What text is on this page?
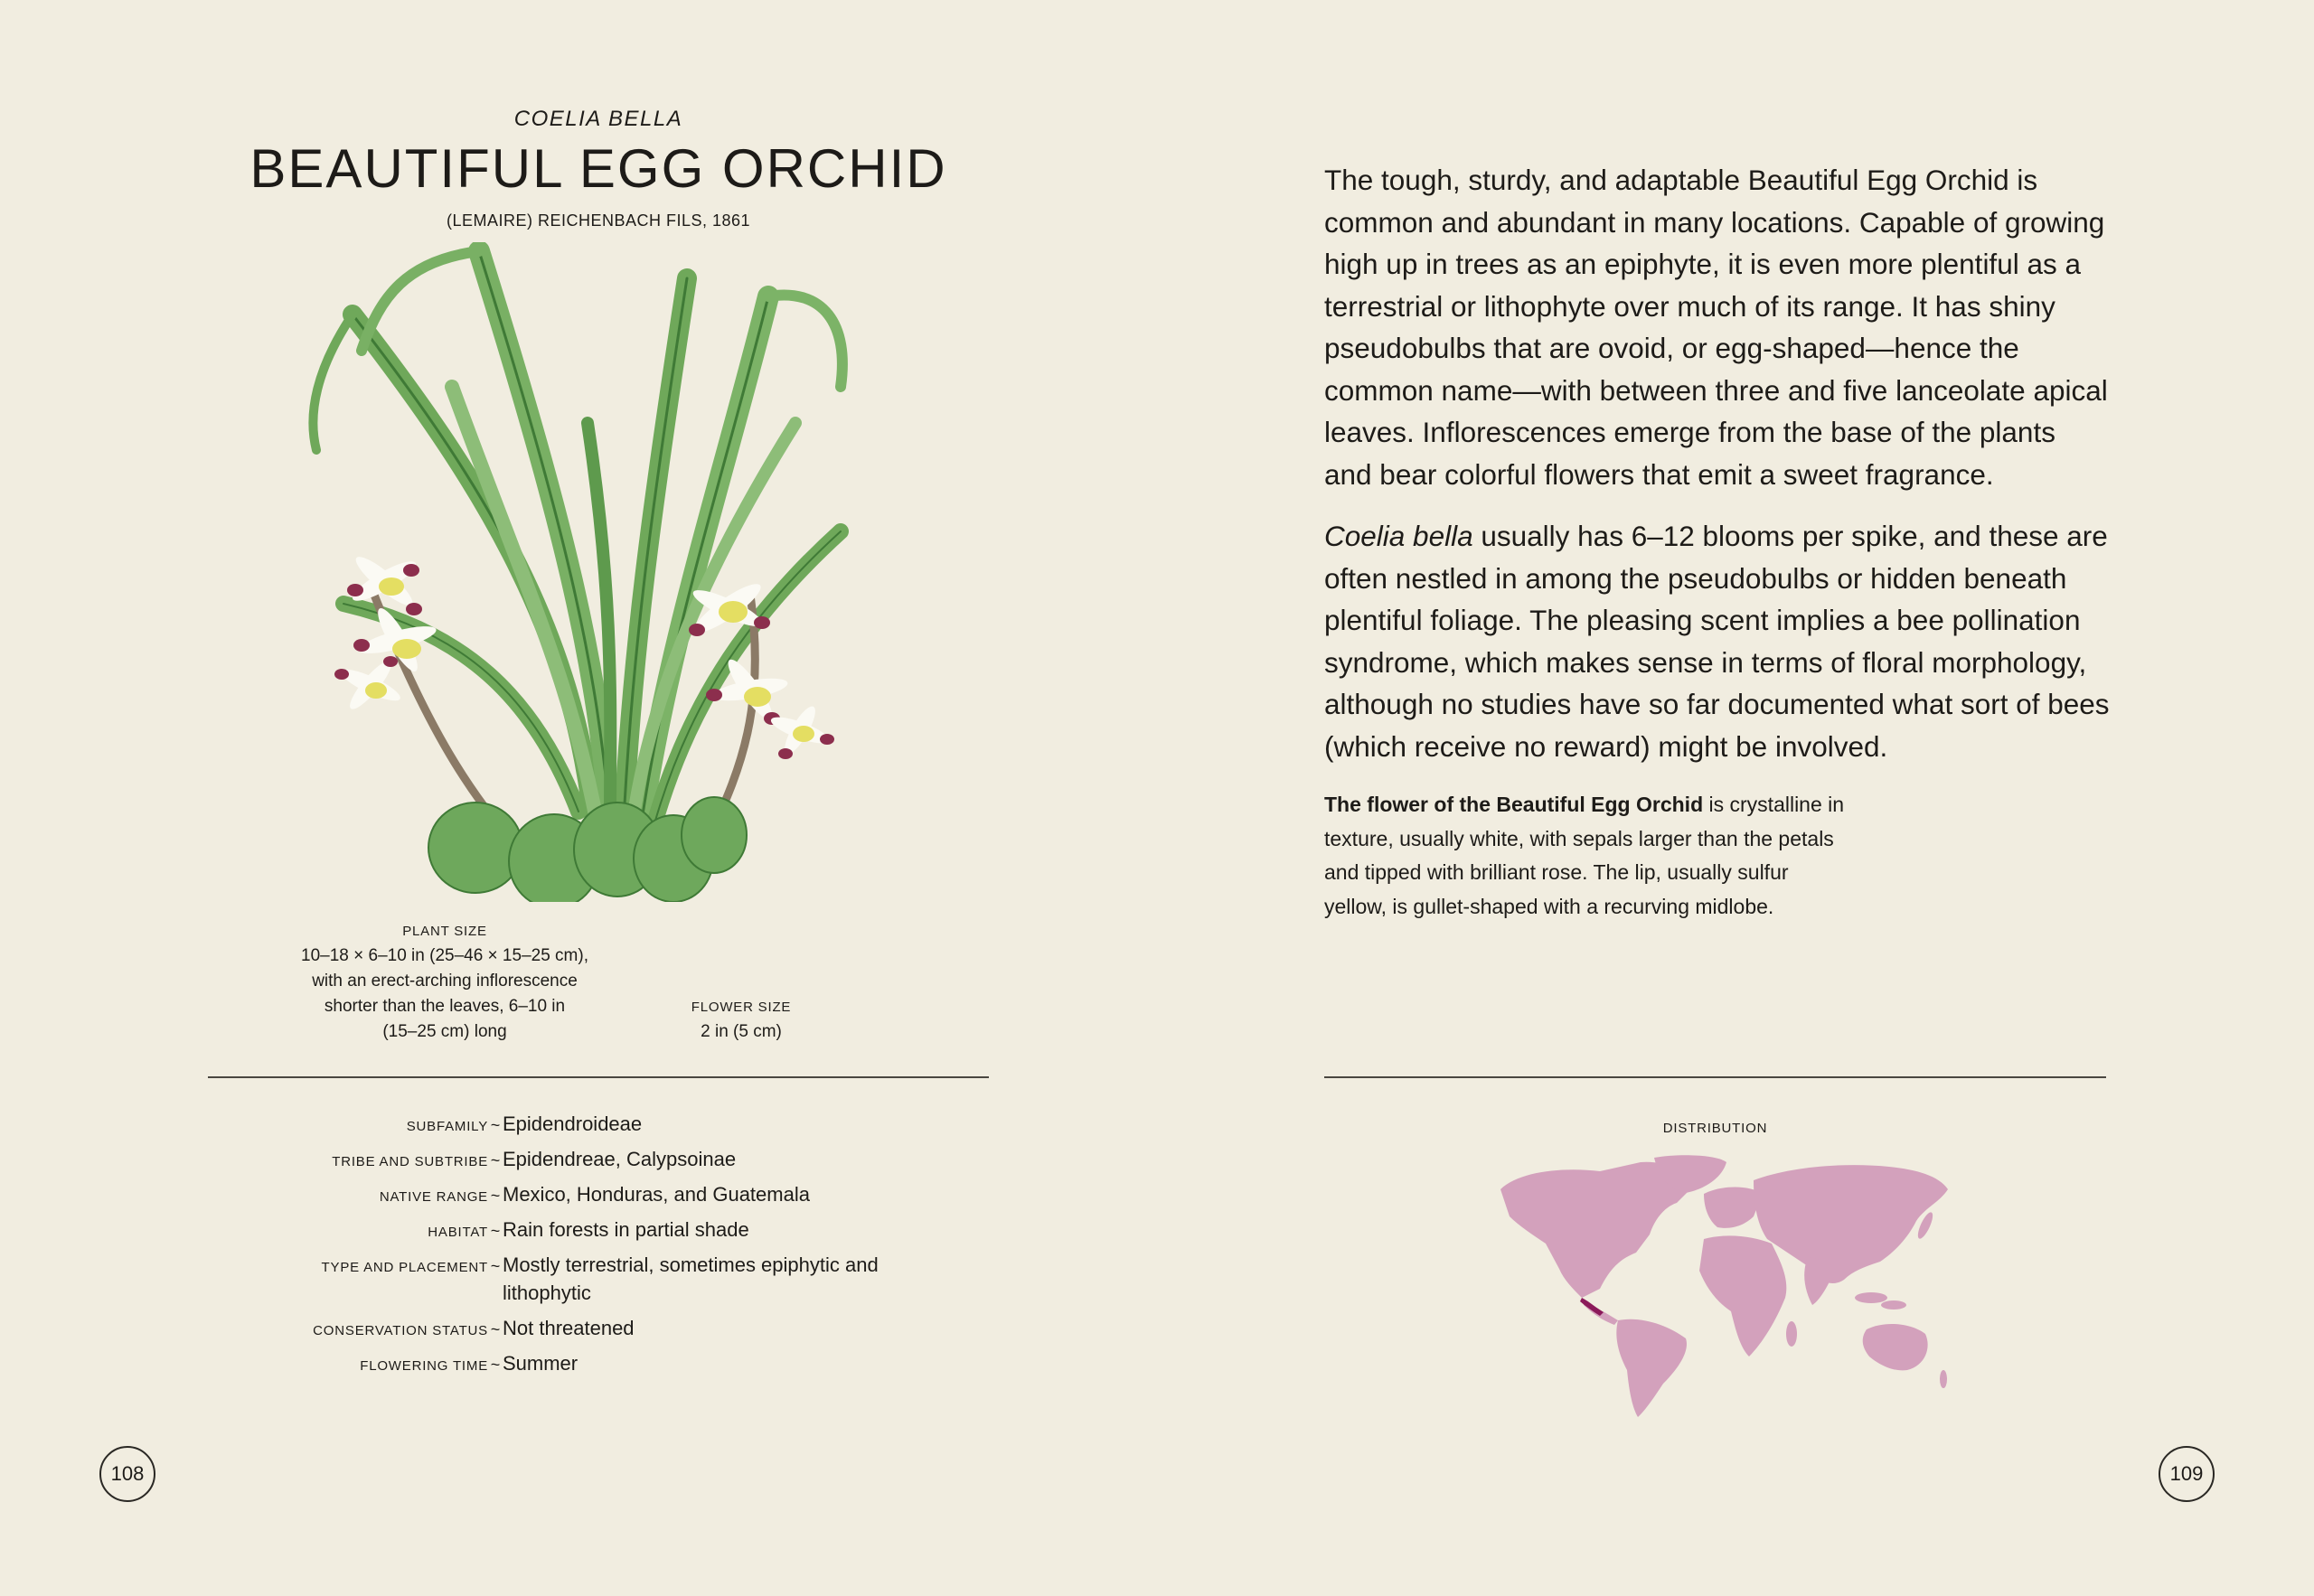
COELIA BELLA
BEAUTIFUL EGG ORCHID
(LEMAIRE) REICHENBACH FILS, 1861
PLANT SIZE
10–18 × 6–10 in (25–46 × 15–25 cm),
with an erect-arching inflorescence
shorter than the leaves, 6–10 in
(15–25 cm) long
FLOWER SIZE
2 in (5 cm)
SUBFAMILY ~ Epidendroideae
TRIBE AND SUBTRIBE ~ Epidendreae, Calypsoinae
NATIVE RANGE ~ Mexico, Honduras, and Guatemala
HABITAT ~ Rain forests in partial shade
TYPE AND PLACEMENT ~ Mostly terrestrial, sometimes epiphytic and lithophytic
CONSERVATION STATUS ~ Not threatened
FLOWERING TIME ~ Summer
108

The tough, sturdy, and adaptable Beautiful Egg Orchid is common and abundant in many locations. Capable of growing high up in trees as an epiphyte, it is even more plentiful as a terrestrial or lithophyte over much of its range. It has shiny pseudobulbs that are ovoid, or egg-shaped—hence the common name—with between three and five lanceolate apical leaves. Inflorescences emerge from the base of the plants and bear colorful flowers that emit a sweet fragrance.

Coelia bella usually has 6–12 blooms per spike, and these are often nestled in among the pseudobulbs or hidden beneath plentiful foliage. The pleasing scent implies a bee pollination syndrome, which makes sense in terms of floral morphology, although no studies have so far documented what sort of bees (which receive no reward) might be involved.

The flower of the Beautiful Egg Orchid is crystalline in texture, usually white, with sepals larger than the petals and tipped with brilliant rose. The lip, usually sulfur yellow, is gullet-shaped with a recurving midlobe.
DISTRIBUTION
109
